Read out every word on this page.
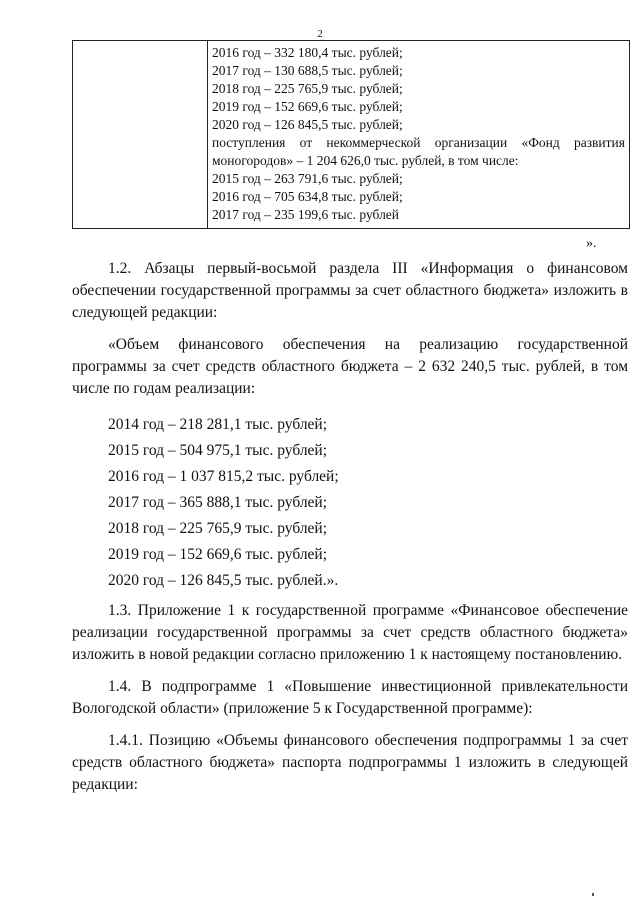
2

2016 год – 332 180,4 тыс. рублей;
2017 год – 130 688,5 тыс. рублей;
2018 год – 225 765,9 тыс. рублей;
2019 год – 152 669,6 тыс. рублей;
2020 год – 126 845,5 тыс. рублей;
поступления от некоммерческой организации «Фонд развития моногородов» – 1 204 626,0 тыс. рублей, в том числе:
2015 год – 263 791,6 тыс. рублей;
2016 год – 705 634,8 тыс. рублей;
2017 год – 235 199,6 тыс. рублей
».

1.2. Абзацы первый-восьмой раздела III «Информация о финансовом обеспечении государственной программы за счет областного бюджета» изложить в следующей редакции:

«Объем финансового обеспечения на реализацию государственной программы за счет средств областного бюджета – 2 632 240,5 тыс. рублей, в том числе по годам реализации:

2014 год – 218 281,1 тыс. рублей;
2015 год – 504 975,1 тыс. рублей;
2016 год – 1 037 815,2 тыс. рублей;
2017 год – 365 888,1 тыс. рублей;
2018 год – 225 765,9 тыс. рублей;
2019 год – 152 669,6 тыс. рублей;
2020 год – 126 845,5 тыс. рублей.».

1.3. Приложение 1 к государственной программе «Финансовое обеспечение реализации государственной программы за счет средств областного бюджета» изложить в новой редакции согласно приложению 1 к настоящему постановлению.

1.4. В подпрограмме 1 «Повышение инвестиционной привлекательности Вологодской области» (приложение 5 к Государственной программе):

1.4.1. Позицию «Объемы финансового обеспечения подпрограммы 1 за счет средств областного бюджета» паспорта подпрограммы 1 изложить в следующей редакции:
